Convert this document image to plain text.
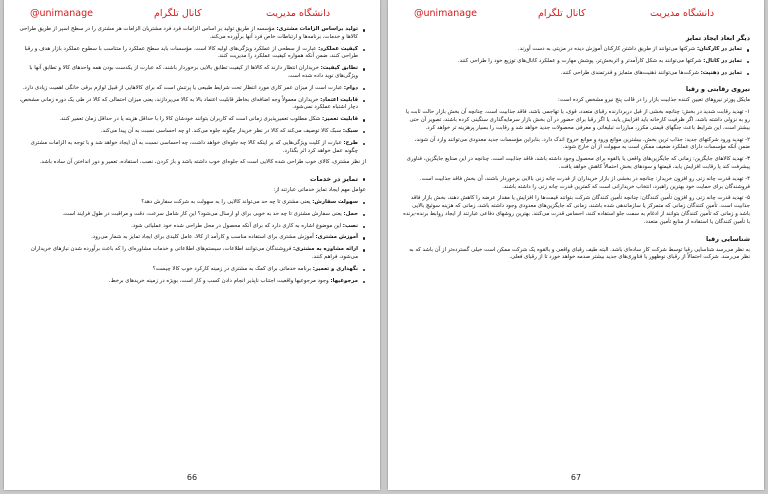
@unimanage	کانال تلگرام	دانشگاه مدیریت

تولید براساس الزامات مشتری: مؤسسه از طریق تولید بر اساس الزامات فرد فرد مشتریان الزامات هر مشتری را در سطح اسپر از طریق طراحی کالاها و خدمات، برنامه‌ها و ارتباطات خاص فرد آنها برآورده می‌کند.

کیفیت عملکرد: عبارت از سطحی از عملکرد ویژگی‌های اولیه کالا است. مؤسسات باید سطح عملکرد را متناسب با سطوح عملکرد بازار هدف و رقبا طراحی کنند، ضمن آنکه همواره کیفیت عملکرد را مدیریت کنند.

تطابق کیفیت: خریداران انتظار دارند که کالاها از کیفیت تطابق بالایی برخوردار باشند، که عبارت از یکدست بودن همه واحدهای کالا و تطابق آنها با ویژگی‌های نوید داده شده است.

دوام: عبارت است از میزان عمر کاری مورد انتظار تحت شرایط طبیعی یا پرتنش است که برای کالاهایی از قبیل لوازم برقی خانگی اهمیت زیادی دارد.

قابلیت اعتماد: خریداران معمولاً وجه اضافه‌ای بخاطر قابلیت اعتماد بالا به کالا می‌پردازند، یعنی میزان احتمالی که کالا در طی یک دوره زمانی مشخص، دچار اشتباه عملکرد نمی‌شود.

قابلیت تعمیر: شکل مطلوب تعمیرپذیری زمانی است که کاربران بتوانند خودشان کالا را با حداقل هزینه یا در حداقل زمان تعمیر کنند.

سبک: سبک کالا توصیف می‌کند که کالا در نظر خریدار چگونه جلوه می‌کند. او چه احساسی نسبت به آن پیدا می‌کند.

طرح: عبارت از کلیت ویژگی‌هایی که بر اینکه کالا چه جلوه‌ای خواهد داشت، چه احساسی نسبت به آن ایجاد خواهد شد و با توجه به الزامات مشتری چگونه عمل خواهد کرد اثر بگذارد.

از نظر مشتری، کالای خوب طراحی شده کالایی است که جلوه‌ای خوب داشته باشد و باز کردن، نصب، استفاده، تعمیر و دور انداختن آن ساده باشد.

تمایز در خدمات

عوامل مهم ایجاد تمایز خدماتی عبارتند از:

سهولت سفارش: یعنی مشتری تا چه حد می‌تواند کالایی را به سهولت به شرکت سفارش دهد؟

حمل: یعنی سفارش مشتری تا چه حد به خوبی برای او ارسال می‌شود؟ این کار شامل سرعت، دقت و مراقبت در طول فرایند است.

نصب: این موضوع اشاره به کاری دارد که برای آنکه محصول در محل طراحی شده خود عملیاتی شود.

آموزش مشتری: آموزش مشتری برای استفاده مناسب و کارآمد از کالا، عامل کلیدی برای ایجاد تمایز به شمار می‌رود.

ارائه مشاوره به مشتری: فروشندگان می‌توانند اطلاعات، سیستم‌های اطلاعاتی و خدمات مشاوره‌ای را که باعث برآورده شدن نیازهای خریداران می‌شود، فراهم کنند.

نگهداری و تعمیر: برنامه خدماتی برای کمک به مشتری در زمینه کارکرد خوب کالا چیست؟

مرجوعیها: وجود مرجوعیها واقعیت اجتناب ناپذیر انجام دادن کسب و کار است، بویژه در زمینه خریدهای برخط.

66
@unimanage	کانال تلگرام	دانشگاه مدیریت
دیگر ابعاد ایجاد تمایز

تمایز در کارکنان: شرکتها می‌توانند از طریق داشتن کارکنان آموزش دیده در مزیتی به دست آورند.

تمایز در کانال: شرکتها می‌توانند به شکل کارآمدتر و اثربخش‌تر، پوشش مهارت و عملکرد کانال‌های توزیع خود را طراحی کنند.

تمایز در ذهنیت: شرکت‌ها می‌توانند ذهنیت‌های متمایز و قدرتمندی طراحی کنند.

نیروی رقابتی و رقبا

مایکل پورتر نیروهای تعیین کننده جذابیت بازار را در قالب پنج نیرو مشخص کرده است:

۱- تهدید رقابت شدید در بخش: چنانچه بخشی از قبل دربردارنده رقبای متعدد، قوی، یا تهاجمی باشد، فاقد جذابیت است. چنانچه آن بخش بازار حالت ثابت یا رو به نزولی داشته باشد، اگر ظرفیت کارخانه باید افزایش یابد، یا اگر رقبا برای حضور در آن بخش بازار سرمایه‌گذاری سنگینی کرده باشند، تصویر آن حتی بیشتر است. این شرایط باعث جنگهای قیمتی مکرر، مبارزات تبلیغاتی و معرفی محصولات جدید خواهد شد و رقابت را بسیار پرهزینه تر خواهد کرد.

۲- تهدید ورود شرکتهای جدید: جذاب ترین بخش، بیشترین موانع ورود و موانع خروج اندک دارد. بنابراین مؤسسات جدید معدودی می‌توانند وارد آن شوند، ضمن آنکه مؤسسات دارای عملکرد ضعیف ممکن است به سهولت از آن خارج شوند.

۳- تهدید کالاهای جایگزین: زمانی که جایگزین‌های واقعی یا بالقوه برای محصول وجود داشته باشد، فاقد جذابیت است. چنانچه در این صنایع جایگزین، فناوری پیشرفت کند یا رقابت افزایش یابد، قیمتها و سودهای بخش احتمالاً کاهش خواهد یافت.

۴- تهدید قدرت چانه زنی رو افزون خریدار: چنانچه در بخشی از بازار خریداران از قدرت چانه زنی بالایی برخوردار باشند، آن بخش فاقد جذابیت است. فروشندگان برای حمایت خود بهترین راهبرد، انتخاب خریدارانی است که کمترین قدرت چانه زنی را داشته باشند.

۵- تهدید قدرت چانه زنی رو افزون تأمین کنندگان: چنانچه تأمین کنندگان شرکت بتوانند قیمت‌ها را افزایش یا مقدار عرضه را کاهش دهند، بخش بازار فاقد جذابیت است. تأمین کنندگان زمانی که متمرکز یا سازماندهی شده باشند، زمانی که جایگزین‌های معدودی وجود داشته باشد، زمانی که هزینه سوئیچ بالایی باشد و زمانی که تأمین کنندگان بتوانند از ادغام به سمت جلو استفاده کنند، احساس قدرت می‌کنند. بهترین روشهای دفاعی عبارتند از ایجاد روابط برنده-برنده با تأمین کنندگان یا استفاده از منابع تأمین متعدد.

شناسایی رقبا

به نظر می‌رسد شناسایی رقبا توسط شرکت کار ساده‌ای باشد. البته طیف رقبای واقعی و بالقوه یک شرکت ممکن است خیلی گسترده‌تر از آن باشد که به نظر می‌رسد. شرکت احتمالاً از رقبای نوظهور یا فناوری‌های جدید بیشتر صدمه خواهد خورد تا از رقبای فعلی.

67
